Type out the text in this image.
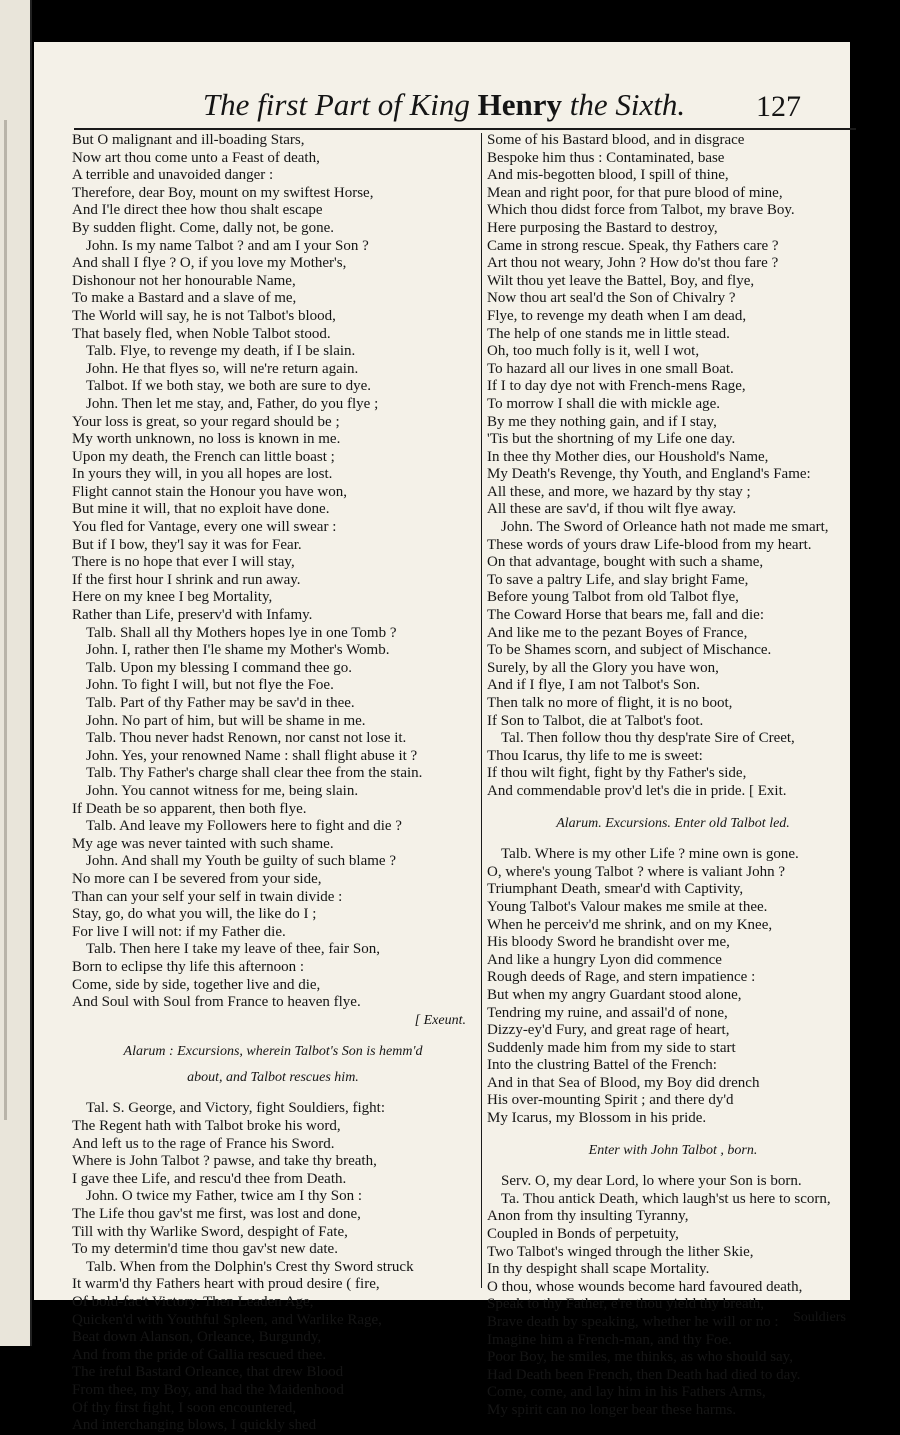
The first Part of King Henry the Sixth.	127
But O malignant and ill-boading Stars,
Now art thou come unto a Feast of death,
A terrible and unavoided danger :
Therefore, dear Boy, mount on my swiftest Horse,
And I'le direct thee how thou shalt escape
By sudden flight. Come, dally not, be gone.
John. Is my name Talbot ? and am I your Son ?
And shall I flye ? O, if you love my Mother's,
Dishonour not her honourable Name,
To make a Bastard and a slave of me,
The World will say, he is not Talbot's blood,
That basely fled, when Noble Talbot stood.
Talb. Flye, to revenge my death, if I be slain.
John. He that flyes so, will ne're return again.
Talbot. If we both stay, we both are sure to dye.
John. Then let me stay, and, Father, do you flye ;
Your loss is great, so your regard should be ;
My worth unknown, no loss is known in me.
Upon my death, the French can little boast ;
In yours they will, in you all hopes are lost.
Flight cannot stain the Honour you have won,
But mine it will, that no exploit have done.
You fled for Vantage, every one will swear :
But if I bow, they'l say it was for Fear.
There is no hope that ever I will stay,
If the first hour I shrink and run away.
Here on my knee I beg Mortality,
Rather than Life, preserv'd with Infamy.
Talb. Shall all thy Mothers hopes lye in one Tomb ?
John. I, rather then I'le shame my Mother's Womb.
Talb. Upon my blessing I command thee go.
John. To fight I will, but not flye the Foe.
Talb. Part of thy Father may be sav'd in thee.
John. No part of him, but will be shame in me.
Talb. Thou never hadst Renown, nor canst not lose it.
John. Yes, your renowned Name : shall flight abuse it ?
Talb. Thy Father's charge shall clear thee from the stain.
John. You cannot witness for me, being slain.
If Death be so apparent, then both flye.
Talb. And leave my Followers here to fight and die ?
My age was never tainted with such shame.
John. And shall my Youth be guilty of such blame ?
No more can I be severed from your side,
Than can your self your self in twain divide :
Stay, go, do what you will, the like do I ;
For live I will not: if my Father die.
Talb. Then here I take my leave of thee, fair Son,
Born to eclipse thy life this afternoon :
Come, side by side, together live and die,
And Soul with Soul from France to heaven flye.
[ Exeunt.
Alarum : Excursions, wherein Talbot's Son is hemm'd
about, and Talbot rescues him.
Tal. S. George, and Victory, fight Souldiers, fight:
The Regent hath with Talbot broke his word,
And left us to the rage of France his Sword.
Where is John Talbot ? pawse, and take thy breath,
I gave thee Life, and rescu'd thee from Death.
John. O twice my Father, twice am I thy Son :
The Life thou gav'st me first, was lost and done,
Till with thy Warlike Sword, despight of Fate,
To my determin'd time thou gav'st new date.
Talb. When from the Dolphin's Crest thy Sword struck
It warm'd thy Fathers heart with proud desire ( fire,
Of bold-fac't Victory. Then Leaden Age,
Quicken'd with Youthful Spleen, and Warlike Rage,
Beat down Alanson, Orleance, Burgundy,
And from the pride of Gallia rescued thee.
The ireful Bastard Orleance, that drew Blood
From thee, my Boy, and had the Maidenhood
Of thy first fight, I soon encountered,
And interchanging blows, I quickly shed
Some of his Bastard blood, and in disgrace
Bespoke him thus : Contaminated, base
And mis-begotten blood, I spill of thine,
Mean and right poor, for that pure blood of mine,
Which thou didst force from Talbot, my brave Boy.
Here purposing the Bastard to destroy,
Came in strong rescue. Speak, thy Fathers care ?
Art thou not weary, John ? How do'st thou fare ?
Wilt thou yet leave the Battel, Boy, and flye,
Now thou art seal'd the Son of Chivalry ?
Flye, to revenge my death when I am dead,
The help of one stands me in little stead.
Oh, too much folly is it, well I wot,
To hazard all our lives in one small Boat.
If I to day dye not with French-mens Rage,
To morrow I shall die with mickle age.
By me they nothing gain, and if I stay,
'Tis but the shortning of my Life one day.
In thee thy Mother dies, our Houshold's Name,
My Death's Revenge, thy Youth, and England's Fame:
All these, and more, we hazard by thy stay ;
All these are sav'd, if thou wilt flye away.
John. The Sword of Orleance hath not made me smart,
These words of yours draw Life-blood from my heart.
On that advantage, bought with such a shame,
To save a paltry Life, and slay bright Fame,
Before young Talbot from old Talbot flye,
The Coward Horse that bears me, fall and die:
And like me to the pezant Boyes of France,
To be Shames scorn, and subject of Mischance.
Surely, by all the Glory you have won,
And if I flye, I am not Talbot's Son.
Then talk no more of flight, it is no boot,
If Son to Talbot, die at Talbot's foot.
Tal. Then follow thou thy desp'rate Sire of Creet,
Thou Icarus, thy life to me is sweet:
If thou wilt fight, fight by thy Father's side,
And commendable prov'd let's die in pride. [ Exit.
Alarum. Excursions. Enter old Talbot led.
Talb. Where is my other Life ? mine own is gone.
O, where's young Talbot ? where is valiant John ?
Triumphant Death, smear'd with Captivity,
Young Talbot's Valour makes me smile at thee.
When he perceiv'd me shrink, and on my Knee,
His bloody Sword he brandisht over me,
And like a hungry Lyon did commence
Rough deeds of Rage, and stern impatience :
But when my angry Guardant stood alone,
Tendring my ruine, and assail'd of none,
Dizzy-ey'd Fury, and great rage of heart,
Suddenly made him from my side to start
Into the clustring Battel of the French:
And in that Sea of Blood, my Boy did drench
His over-mounting Spirit ; and there dy'd
My Icarus, my Blossom in his pride.
Enter with John Talbot , born.
Serv. O, my dear Lord, lo where your Son is born.
Ta. Thou antick Death, which laugh'st us here to scorn,
Anon from thy insulting Tyranny,
Coupled in Bonds of perpetuity,
Two Talbot's winged through the lither Skie,
In thy despight shall scape Mortality.
O thou, whose wounds become hard favoured death,
Speak to thy Father, e're thou yield thy breath,
Brave death by speaking, whether he will or no :
Imagine him a French-man, and thy Foe.
Poor Boy, he smiles, me thinks, as who should say,
Had Death been French, then Death had died to day.
Come, come, and lay him in his Fathers Arms,
My spirit can no longer bear these harms.
Souldiers
